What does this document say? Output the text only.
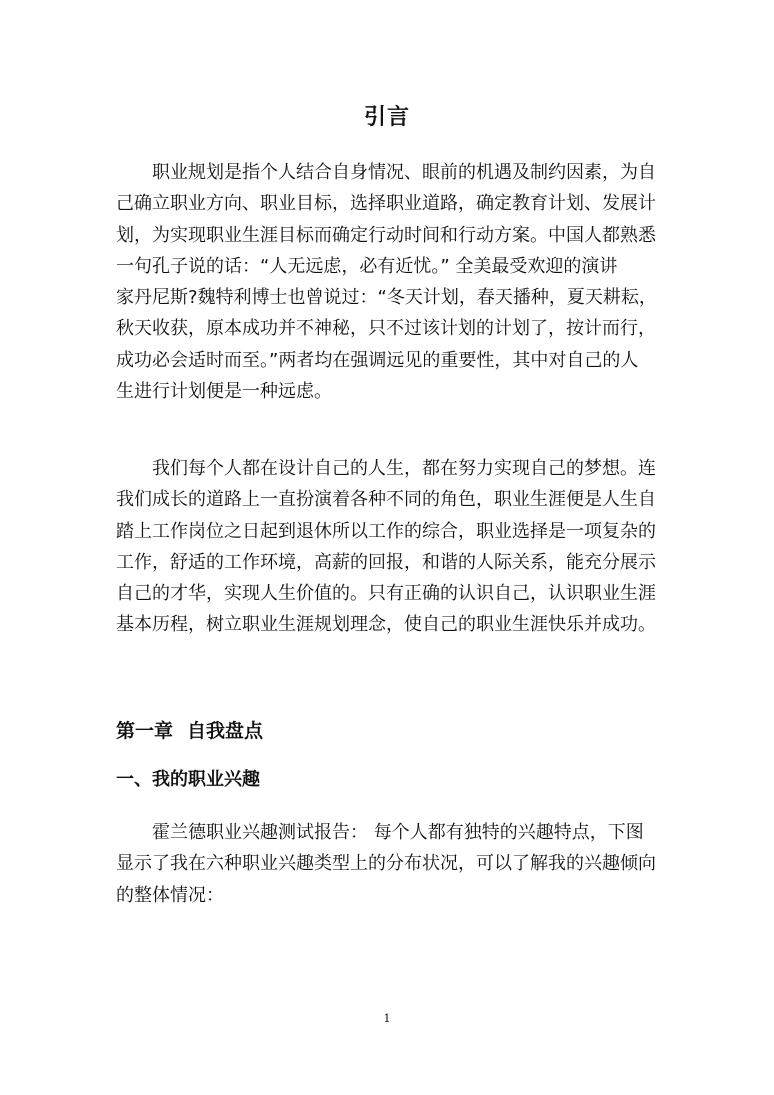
引言

职业规划是指个人结合自身情况、眼前的机遇及制约因素，为自
己确立职业方向、职业目标，选择职业道路，确定教育计划、发展计
划，为实现职业生涯目标而确定行动时间和行动方案。中国人都熟悉
一句孔子说的话：“人无远虑，必有近忧。” 全美最受欢迎的演讲
家丹尼斯?魏特利博士也曾说过：“冬天计划，春天播种，夏天耕耘，
秋天收获，原本成功并不神秘，只不过该计划的计划了，按计而行，
成功必会适时而至。”两者均在强调远见的重要性，其中对自己的人
生进行计划便是一种远虑。

我们每个人都在设计自己的人生，都在努力实现自己的梦想。连
我们成长的道路上一直扮演着各种不同的角色，职业生涯便是人生自
踏上工作岗位之日起到退休所以工作的综合，职业选择是一项复杂的
工作，舒适的工作环境，高薪的回报，和谐的人际关系，能充分展示
自己的才华，实现人生价值的。只有正确的认识自己，认识职业生涯
基本历程，树立职业生涯规划理念，使自己的职业生涯快乐并成功。

第一章 自我盘点
一、我的职业兴趣

霍兰德职业兴趣测试报告： 每个人都有独特的兴趣特点，下图
显示了我在六种职业兴趣类型上的分布状况，可以了解我的兴趣倾向
的整体情况：

1
